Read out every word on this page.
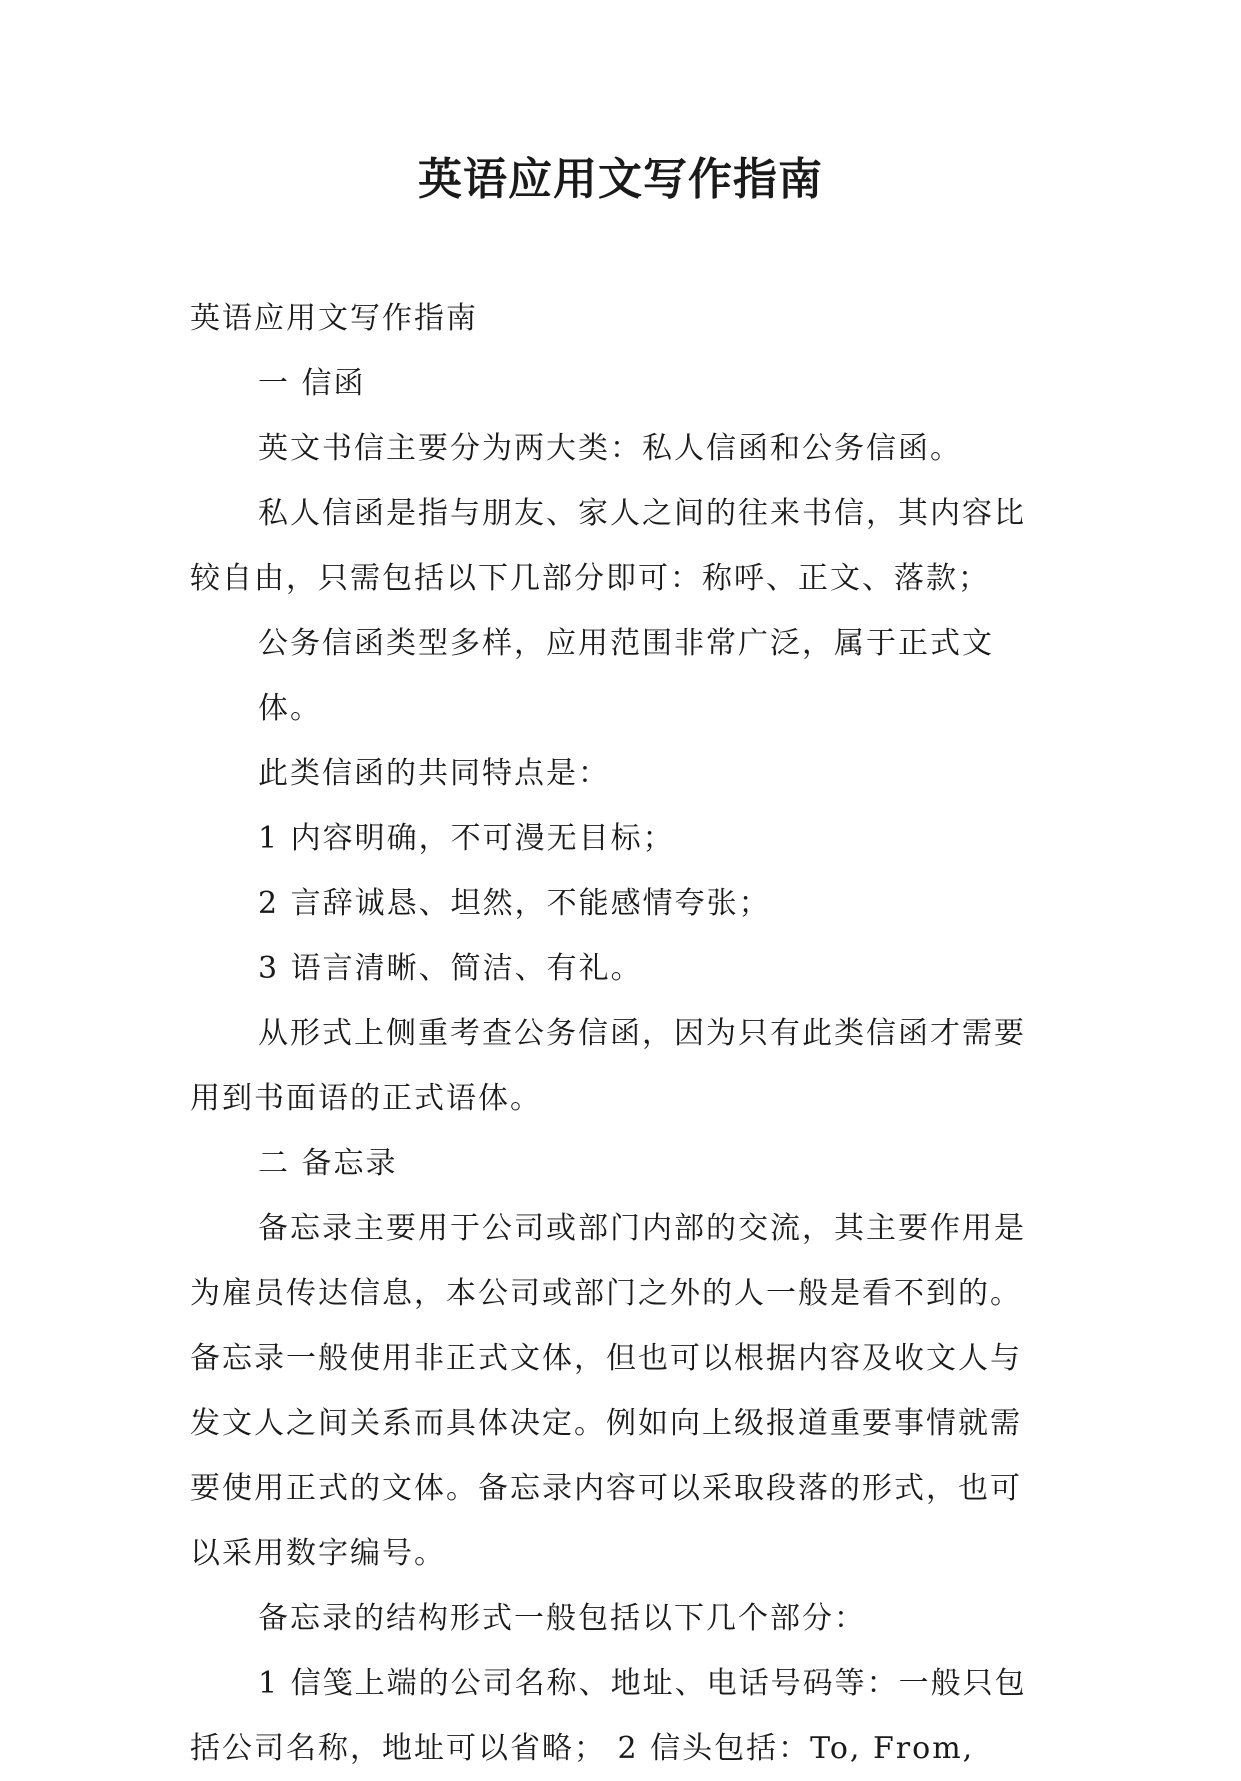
英语应用文写作指南

英语应用文写作指南

一 信函

英文书信主要分为两大类：私人信函和公务信函。

私人信函是指与朋友、家人之间的往来书信，其内容比

较自由，只需包括以下几部分即可：称呼、正文、落款；

公务信函类型多样，应用范围非常广泛，属于正式文体。

此类信函的共同特点是：

1 内容明确，不可漫无目标；

2 言辞诚恳、坦然，不能感情夸张；

3 语言清晰、简洁、有礼。

从形式上侧重考查公务信函，因为只有此类信函才需要

用到书面语的正式语体。

二 备忘录

备忘录主要用于公司或部门内部的交流，其主要作用是

为雇员传达信息，本公司或部门之外的人一般是看不到的。

备忘录一般使用非正式文体，但也可以根据内容及收文人与

发文人之间关系而具体决定。例如向上级报道重要事情就需

要使用正式的文体。备忘录内容可以采取段落的形式，也可

以采用数字编号。

备忘录的结构形式一般包括以下几个部分：

1 信笺上端的公司名称、地址、电话号码等：一般只包

括公司名称，地址可以省略； 2 信头包括：To, From,
